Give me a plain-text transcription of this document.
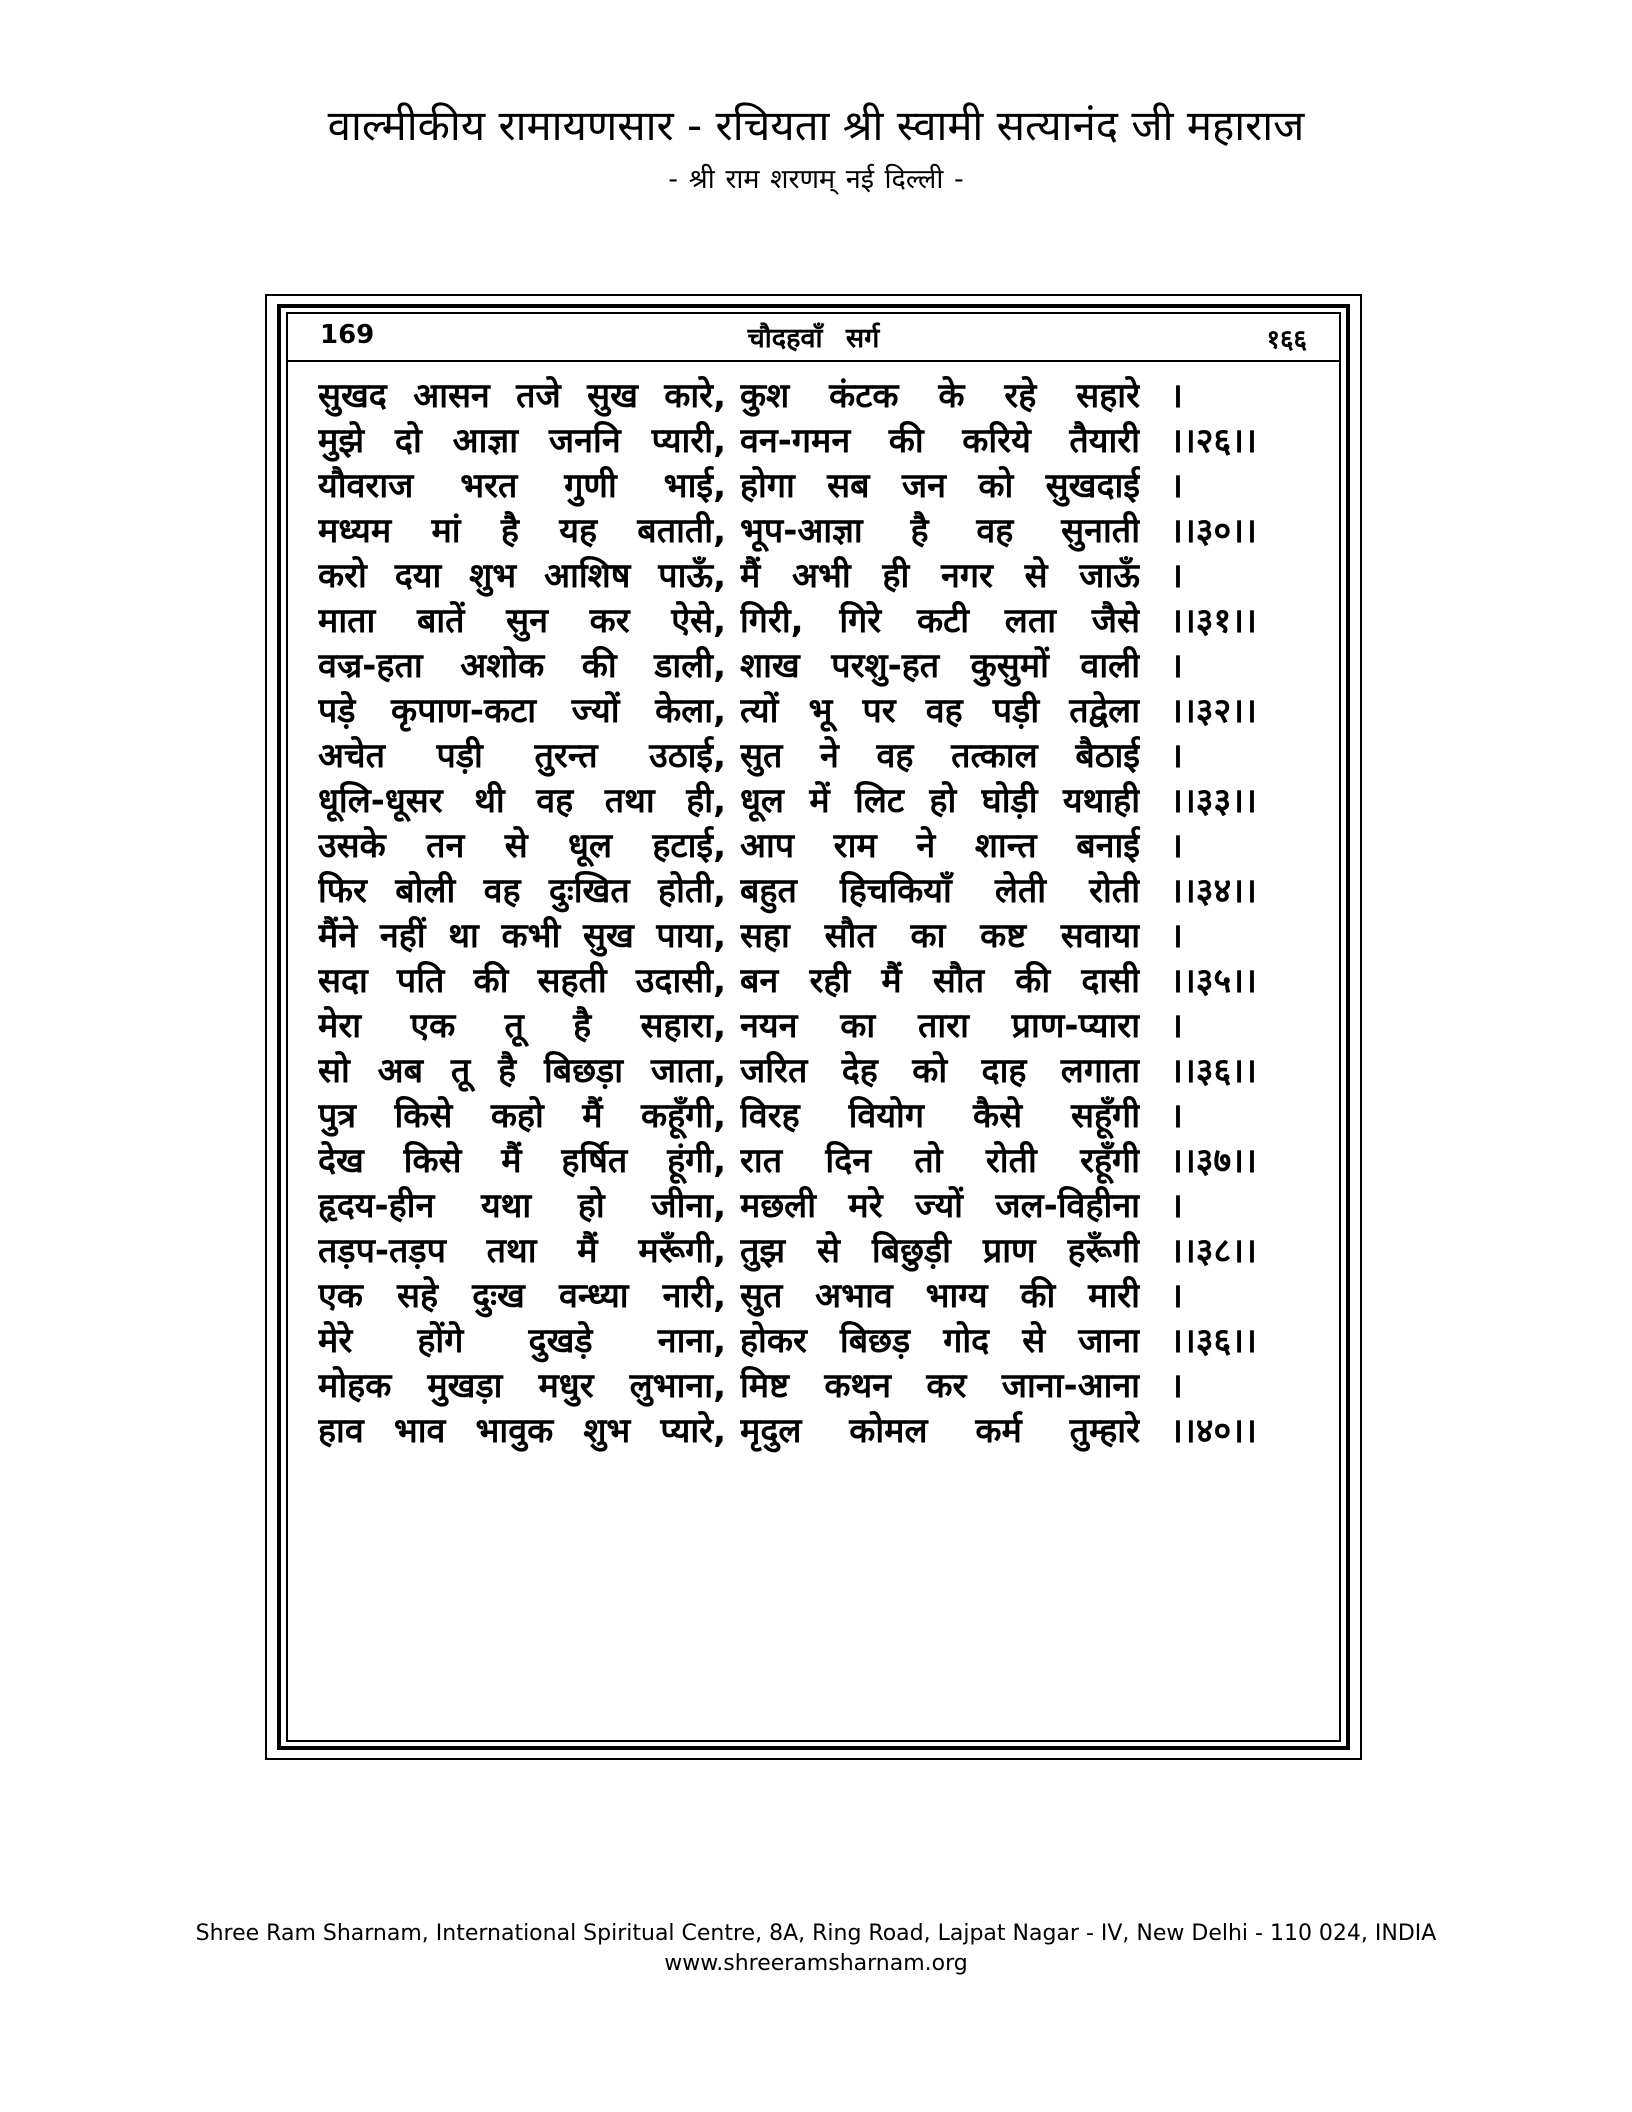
वाल्मीकीय रामायणसार - रचियता श्री स्वामी सत्यानंद जी महाराज
- श्री राम शरणम् नई दिल्ली -
169	चौदहवाँ सर्ग	१६६
सुखद आसन तजे सुख कारे, कुश कंटक के रहे सहारे ।
मुझे दो आज्ञा जननि प्यारी, वन-गमन की करिये तैयारी ।।२६।।
यौवराज भरत गुणी भाई, होगा सब जन को सुखदाई ।
मध्यम मां है यह बताती, भूप-आज्ञा है वह सुनाती ।।३०।।
करो दया शुभ आशिष पाऊँ, मैं अभी ही नगर से जाऊँ ।
माता बातें सुन कर ऐसे, गिरी, गिरे कटी लता जैसे ।।३१।।
वज्र-हता अशोक की डाली, शाख परशु-हत कुसुमों वाली ।
पड़े कृपाण-कटा ज्यों केला, त्यों भू पर वह पड़ी तद्वेला ।।३२।।
अचेत पड़ी तुरन्त उठाई, सुत ने वह तत्काल बैठाई ।
धूलि-धूसर थी वह तथा ही, धूल में लिट हो घोड़ी यथाही ।।३३।।
उसके तन से धूल हटाई, आप राम ने शान्त बनाई ।
फिर बोली वह दुःखित होती, बहुत हिचकियाँ लेती रोती ।।३४।।
मैंने नहीं था कभी सुख पाया, सहा सौत का कष्ट सवाया ।
सदा पति की सहती उदासी, बन रही मैं सौत की दासी ।।३५।।
मेरा एक तू है सहारा, नयन का तारा प्राण-प्यारा ।
सो अब तू है बिछड़ा जाता, जरित देह को दाह लगाता ।।३६।।
पुत्र किसे कहो मैं कहूँगी, विरह वियोग कैसे सहूँगी ।
देख किसे मैं हर्षित हूंगी, रात दिन तो रोती रहूँगी ।।३७।।
हृदय-हीन यथा हो जीना, मछली मरे ज्यों जल-विहीना ।
तड़प-तड़प तथा मैं मरूँगी, तुझ से बिछुड़ी प्राण हरूँगी ।।३८।।
एक सहे दुःख वन्ध्या नारी, सुत अभाव भाग्य की मारी ।
मेरे होंगे दुखड़े नाना, होकर बिछड़ गोद से जाना ।।३६।।
मोहक मुखड़ा मधुर लुभाना, मिष्ट कथन कर जाना-आना ।
हाव भाव भावुक शुभ प्यारे, मृदुल कोमल कर्म तुम्हारे ।।४०।।
Shree Ram Sharnam, International Spiritual Centre, 8A, Ring Road, Lajpat Nagar - IV, New Delhi - 110 024, INDIA
www.shreeramsharnam.org
